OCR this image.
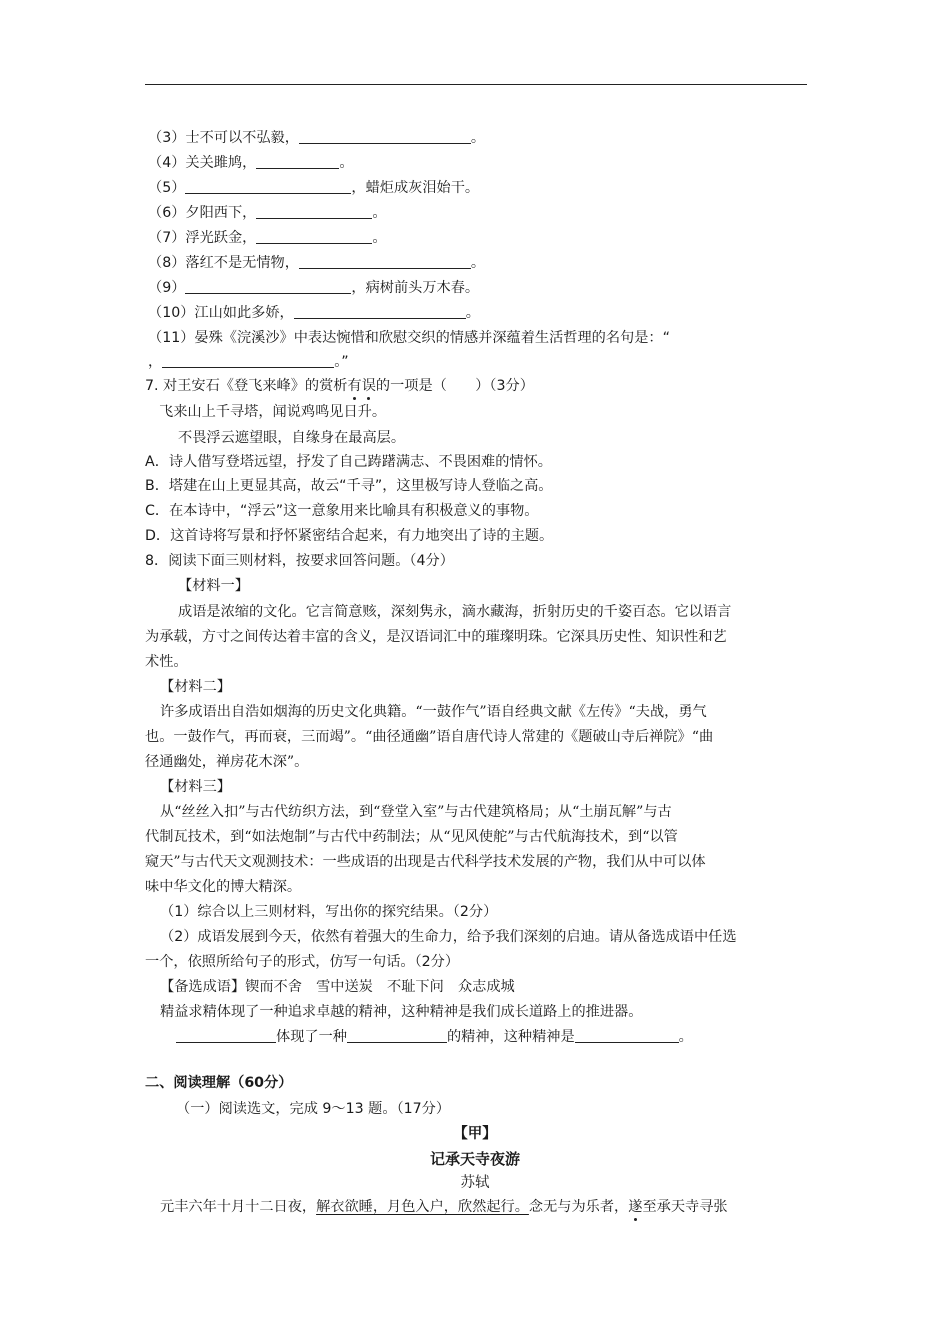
（3）士不可以不弘毅，	。
（4）关关雎鸠，	。
（5）	，蜡炬成灰泪始干。
（6）夕阳西下，	。
（7）浮光跃金，	。
（8）落红不是无情物，	。
（9）	，病树前头万木春。
（10）江山如此多娇，	。
（11）晏殊《浣溪沙》中表达惋惜和欣慰交织的情感并深蕴着生活哲理的名句是：“
，	。”
7. 对王安石《登飞来峰》的赏析有误的一项是（　　）（3分）
飞来山上千寻塔，闻说鸡鸣见日升。
不畏浮云遮望眼，自缘身在最高层。
A．诗人借写登塔远望，抒发了自己踌躇满志、不畏困难的情怀。
B．塔建在山上更显其高，故云“千寻”，这里极写诗人登临之高。
C．在本诗中，“浮云”这一意象用来比喻具有积极意义的事物。
D．这首诗将写景和抒怀紧密结合起来，有力地突出了诗的主题。
8．阅读下面三则材料，按要求回答问题。（4分）
【材料一】
成语是浓缩的文化。它言简意赅，深刻隽永，滴水藏海，折射历史的千姿百态。它以语言
为承载，方寸之间传达着丰富的含义，是汉语词汇中的璀璨明珠。它深具历史性、知识性和艺
术性。
【材料二】
许多成语出自浩如烟海的历史文化典籍。“一鼓作气”语自经典文献《左传》“夫战，勇气
也。一鼓作气，再而衰，三而竭”。“曲径通幽”语自唐代诗人常建的《题破山寺后禅院》“曲
径通幽处，禅房花木深”。
【材料三】
从“丝丝入扣”与古代纺织方法，到“登堂入室”与古代建筑格局；从“土崩瓦解”与古
代制瓦技术，到“如法炮制”与古代中药制法；从“见风使舵”与古代航海技术，到“以管
窥天”与古代天文观测技术：一些成语的出现是古代科学技术发展的产物，我们从中可以体
味中华文化的博大精深。
（1）综合以上三则材料，写出你的探究结果。（2分）
（2）成语发展到今天，依然有着强大的生命力，给予我们深刻的启迪。请从备选成语中任选
一个，依照所给句子的形式，仿写一句话。（2分）
【备选成语】锲而不舍　雪中送炭　不耻下问　众志成城
精益求精体现了一种追求卓越的精神，这种精神是我们成长道路上的推进器。
体现了一种	的精神，这种精神是	。
二、阅读理解（60分）
（一）阅读选文，完成 9～13 题。（17分）
【甲】
记承天寺夜游
苏轼
元丰六年十月十二日夜，解衣欲睡，月色入户，欣然起行。念无与为乐者，遂至承天寺寻张
